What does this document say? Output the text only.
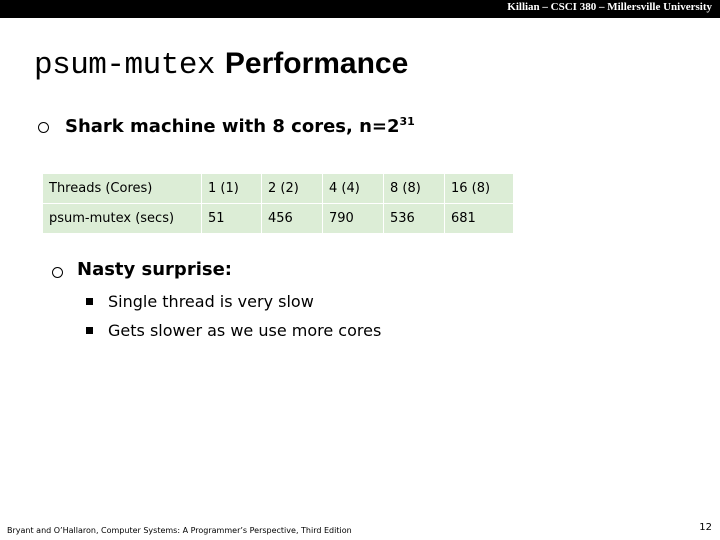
Killian – CSCI 380 – Millersville University
psum-mutex Performance
Shark machine with 8 cores, $n=2^{31}$
Threads (Cores)	1 (1)	2 (2)	4 (4)	8 (8)	16 (8)
psum-mutex (secs)	51	456	790	536	681
Nasty surprise:
Single thread is very slow
Gets slower as we use more cores
Bryant and O’Hallaron, Computer Systems: A Programmer’s Perspective, Third Edition	12
